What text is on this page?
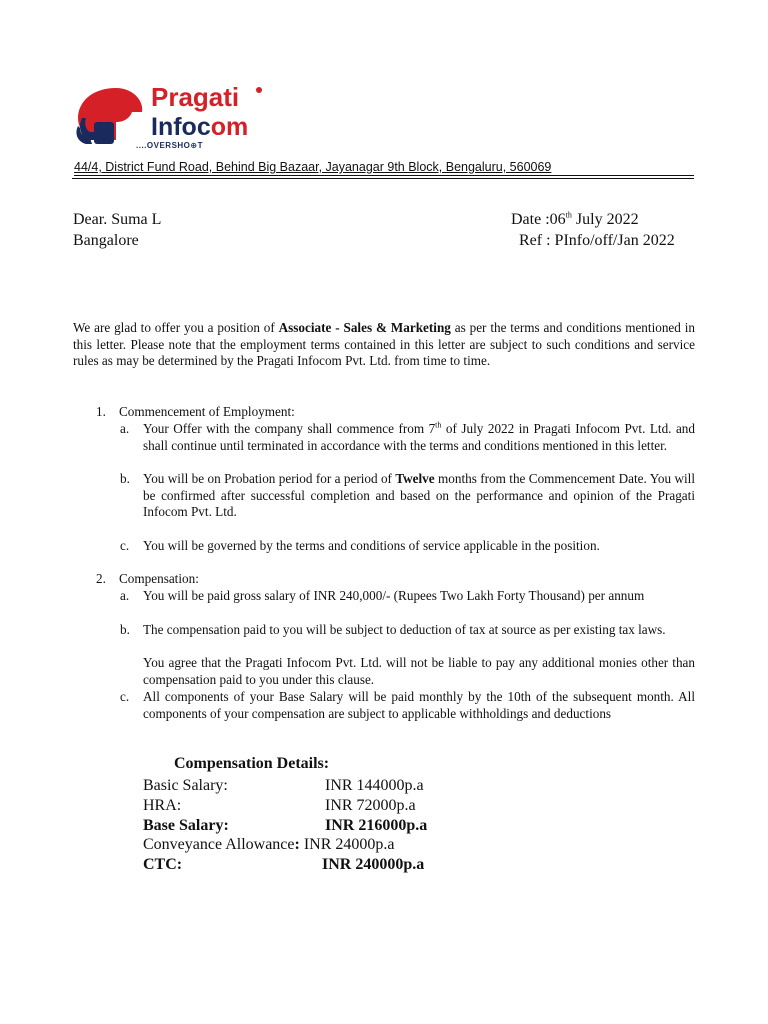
Pragati
Infocom
....OVERSHO⊕T
44/4, District Fund Road, Behind Big Bazaar, Jayanagar 9th Block, Bengaluru, 560069
Dear. Suma L
Bangalore
Date :06th July 2022
Ref : PInfo/off/Jan 2022
We are glad to offer you a position of Associate - Sales & Marketing as per the terms and conditions mentioned in this letter. Please note that the employment terms contained in this letter are subject to such conditions and service rules as may be determined by the Pragati Infocom Pvt. Ltd. from time to time.
1. Commencement of Employment:
a. Your Offer with the company shall commence from 7th of July 2022 in Pragati Infocom Pvt. Ltd. and shall continue until terminated in accordance with the terms and conditions mentioned in this letter.
b. You will be on Probation period for a period of Twelve months from the Commencement Date. You will be confirmed after successful completion and based on the performance and opinion of the Pragati Infocom Pvt. Ltd.
c. You will be governed by the terms and conditions of service applicable in the position.
2. Compensation:
a. You will be paid gross salary of INR 240,000/- (Rupees Two Lakh Forty Thousand) per annum
b. The compensation paid to you will be subject to deduction of tax at source as per existing tax laws.
You agree that the Pragati Infocom Pvt. Ltd. will not be liable to pay any additional monies other than compensation paid to you under this clause.
c. All components of your Base Salary will be paid monthly by the 10th of the subsequent month. All components of your compensation are subject to applicable withholdings and deductions
Compensation Details:
Basic Salary:	INR 144000p.a
HRA:	INR 72000p.a
Base Salary:	INR 216000p.a
Conveyance Allowance: INR 24000p.a
CTC:	INR 240000p.a
